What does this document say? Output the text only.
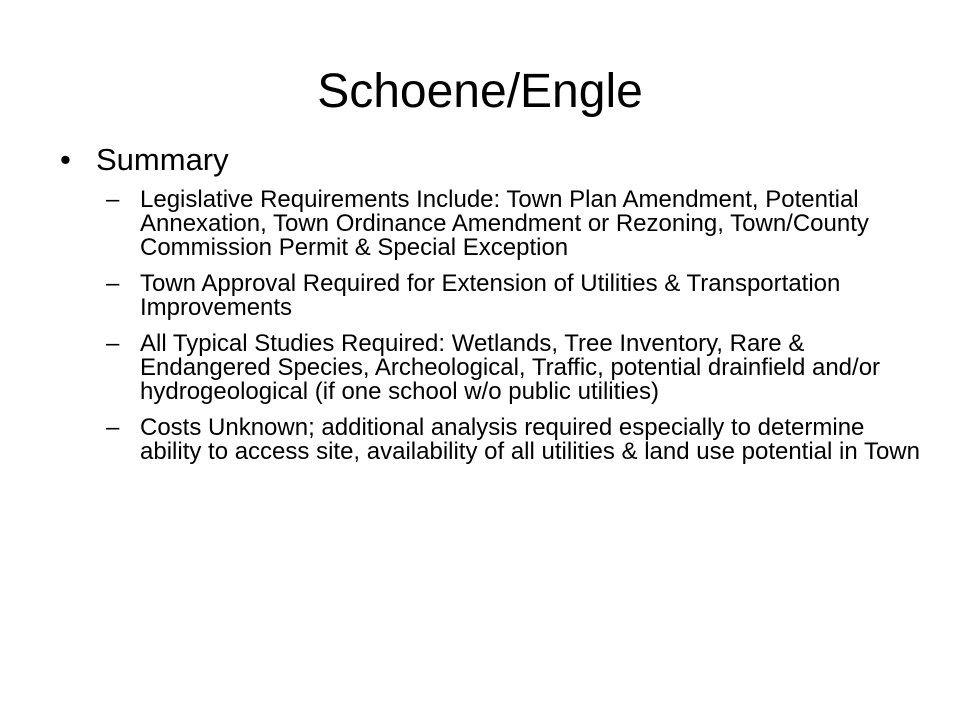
Schoene/Engle
• Summary
– Legislative Requirements Include: Town Plan Amendment, Potential Annexation, Town Ordinance Amendment or Rezoning, Town/County Commission Permit & Special Exception
– Town Approval Required for Extension of Utilities & Transportation Improvements
– All Typical Studies Required: Wetlands, Tree Inventory, Rare & Endangered Species, Archeological, Traffic, potential drainfield and/or hydrogeological (if one school w/o public utilities)
– Costs Unknown; additional analysis required especially to determine ability to access site, availability of all utilities & land use potential in Town
